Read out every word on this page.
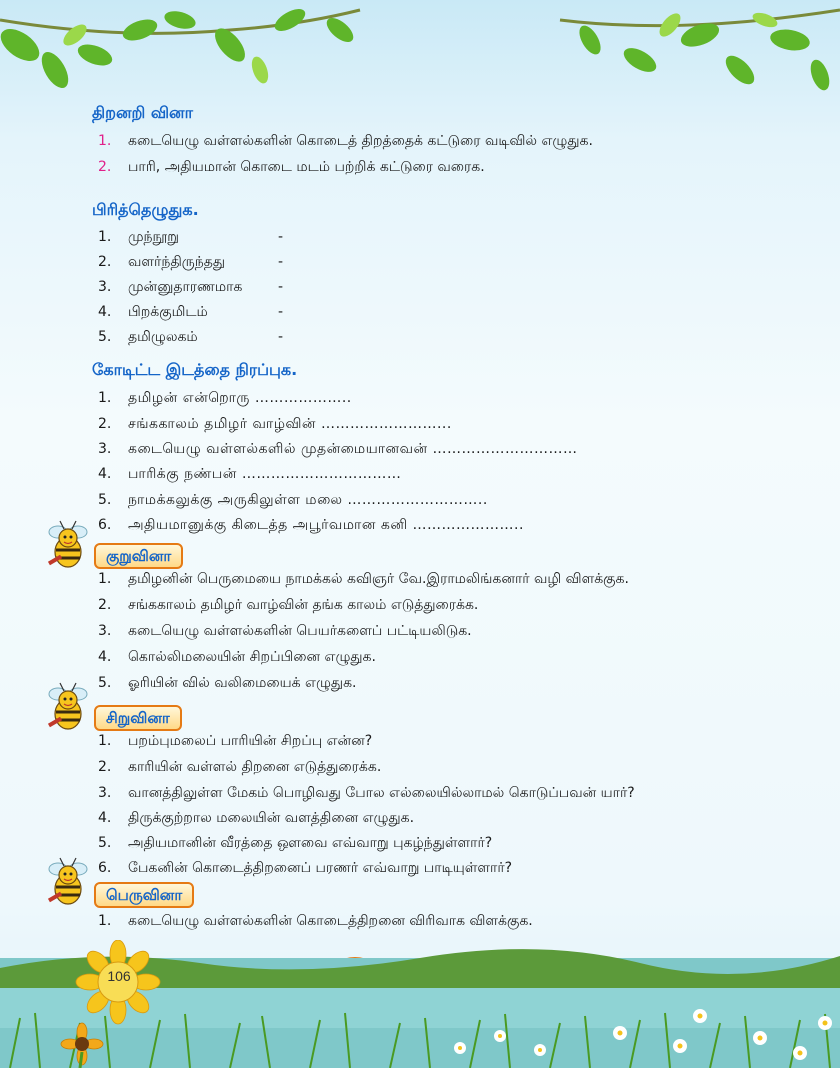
திறனறி வினா
1. கடையெழு வள்ளல்களின் கொடைத் திறத்தைக் கட்டுரை வடிவில் எழுதுக.
2. பாரி, அதியமான் கொடை மடம் பற்றிக் கட்டுரை வரைக.
பிரித்தெழுதுக.
1. முந்நூறு	-
2. வளர்ந்திருந்தது	-
3. முன்னுதாரணமாக	-
4. பிறக்குமிடம்	-
5. தமிழுலகம்	-
கோடிட்ட இடத்தை நிரப்புக.
1. தமிழன் என்றொரு ………………..
2. சங்ககாலம் தமிழர் வாழ்வின் ……………………...
3. கடையெழு வள்ளல்களில் முதன்மையானவன் …………………………
4. பாரிக்கு நண்பன் ……………………………
5. நாமக்கலுக்கு அருகிலுள்ள மலை ………………………..
6. அதியமானுக்கு கிடைத்த அபூர்வமான கனி …………………..
குறுவினா
1. தமிழனின் பெருமையை நாமக்கல் கவிஞர் வே.இராமலிங்கனார் வழி விளக்குக.
2. சங்ககாலம் தமிழர் வாழ்வின் தங்க காலம் எடுத்துரைக்க.
3. கடையெழு வள்ளல்களின் பெயர்களைப் பட்டியலிடுக.
4. கொல்லிமலையின் சிறப்பினை எழுதுக.
5. ஓரியின் வில் வலிமையைக் எழுதுக.
சிறுவினா
1. பறம்புமலைப் பாரியின் சிறப்பு என்ன?
2. காரியின் வள்ளல் திறனை எடுத்துரைக்க.
3. வானத்திலுள்ள மேகம் பொழிவது போல எல்லையில்லாமல் கொடுப்பவன் யார்?
4. திருக்குற்றால மலையின் வளத்தினை எழுதுக.
5. அதியமானின் வீரத்தை ஔவை எவ்வாறு புகழ்ந்துள்ளார்?
6. பேகனின் கொடைத்திறனைப் பரணர் எவ்வாறு பாடியுள்ளார்?
பெருவினா
1. கடையெழு வள்ளல்களின் கொடைத்திறனை விரிவாக விளக்குக.
106
